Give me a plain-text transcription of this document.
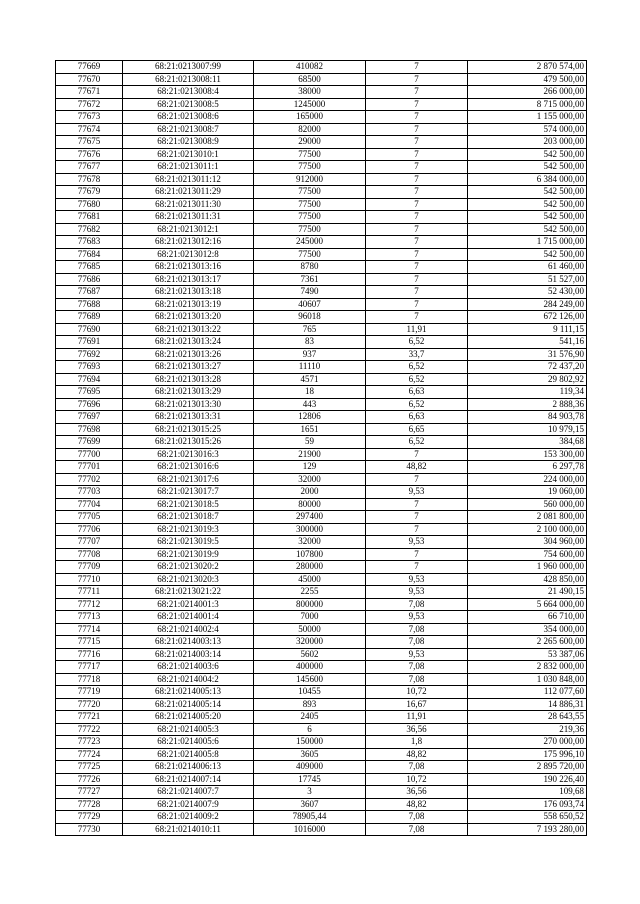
77669	68:21:0213007:99	410082	7	2 870 574,00
77670	68:21:0213008:11	68500	7	479 500,00
77671	68:21:0213008:4	38000	7	266 000,00
77672	68:21:0213008:5	1245000	7	8 715 000,00
77673	68:21:0213008:6	165000	7	1 155 000,00
77674	68:21:0213008:7	82000	7	574 000,00
77675	68:21:0213008:9	29000	7	203 000,00
77676	68:21:0213010:1	77500	7	542 500,00
77677	68:21:0213011:1	77500	7	542 500,00
77678	68:21:0213011:12	912000	7	6 384 000,00
77679	68:21:0213011:29	77500	7	542 500,00
77680	68:21:0213011:30	77500	7	542 500,00
77681	68:21:0213011:31	77500	7	542 500,00
77682	68:21:0213012:1	77500	7	542 500,00
77683	68:21:0213012:16	245000	7	1 715 000,00
77684	68:21:0213012:8	77500	7	542 500,00
77685	68:21:0213013:16	8780	7	61 460,00
77686	68:21:0213013:17	7361	7	51 527,00
77687	68:21:0213013:18	7490	7	52 430,00
77688	68:21:0213013:19	40607	7	284 249,00
77689	68:21:0213013:20	96018	7	672 126,00
77690	68:21:0213013:22	765	11,91	9 111,15
77691	68:21:0213013:24	83	6,52	541,16
77692	68:21:0213013:26	937	33,7	31 576,90
77693	68:21:0213013:27	11110	6,52	72 437,20
77694	68:21:0213013:28	4571	6,52	29 802,92
77695	68:21:0213013:29	18	6,63	119,34
77696	68:21:0213013:30	443	6,52	2 888,36
77697	68:21:0213013:31	12806	6,63	84 903,78
77698	68:21:0213015:25	1651	6,65	10 979,15
77699	68:21:0213015:26	59	6,52	384,68
77700	68:21:0213016:3	21900	7	153 300,00
77701	68:21:0213016:6	129	48,82	6 297,78
77702	68:21:0213017:6	32000	7	224 000,00
77703	68:21:0213017:7	2000	9,53	19 060,00
77704	68:21:0213018:5	80000	7	560 000,00
77705	68:21:0213018:7	297400	7	2 081 800,00
77706	68:21:0213019:3	300000	7	2 100 000,00
77707	68:21:0213019:5	32000	9,53	304 960,00
77708	68:21:0213019:9	107800	7	754 600,00
77709	68:21:0213020:2	280000	7	1 960 000,00
77710	68:21:0213020:3	45000	9,53	428 850,00
77711	68:21:0213021:22	2255	9,53	21 490,15
77712	68:21:0214001:3	800000	7,08	5 664 000,00
77713	68:21:0214001:4	7000	9,53	66 710,00
77714	68:21:0214002:4	50000	7,08	354 000,00
77715	68:21:0214003:13	320000	7,08	2 265 600,00
77716	68:21:0214003:14	5602	9,53	53 387,06
77717	68:21:0214003:6	400000	7,08	2 832 000,00
77718	68:21:0214004:2	145600	7,08	1 030 848,00
77719	68:21:0214005:13	10455	10,72	112 077,60
77720	68:21:0214005:14	893	16,67	14 886,31
77721	68:21:0214005:20	2405	11,91	28 643,55
77722	68:21:0214005:3	6	36,56	219,36
77723	68:21:0214005:6	150000	1,8	270 000,00
77724	68:21:0214005:8	3605	48,82	175 996,10
77725	68:21:0214006:13	409000	7,08	2 895 720,00
77726	68:21:0214007:14	17745	10,72	190 226,40
77727	68:21:0214007:7	3	36,56	109,68
77728	68:21:0214007:9	3607	48,82	176 093,74
77729	68:21:0214009:2	78905,44	7,08	558 650,52
77730	68:21:0214010:11	1016000	7,08	7 193 280,00
